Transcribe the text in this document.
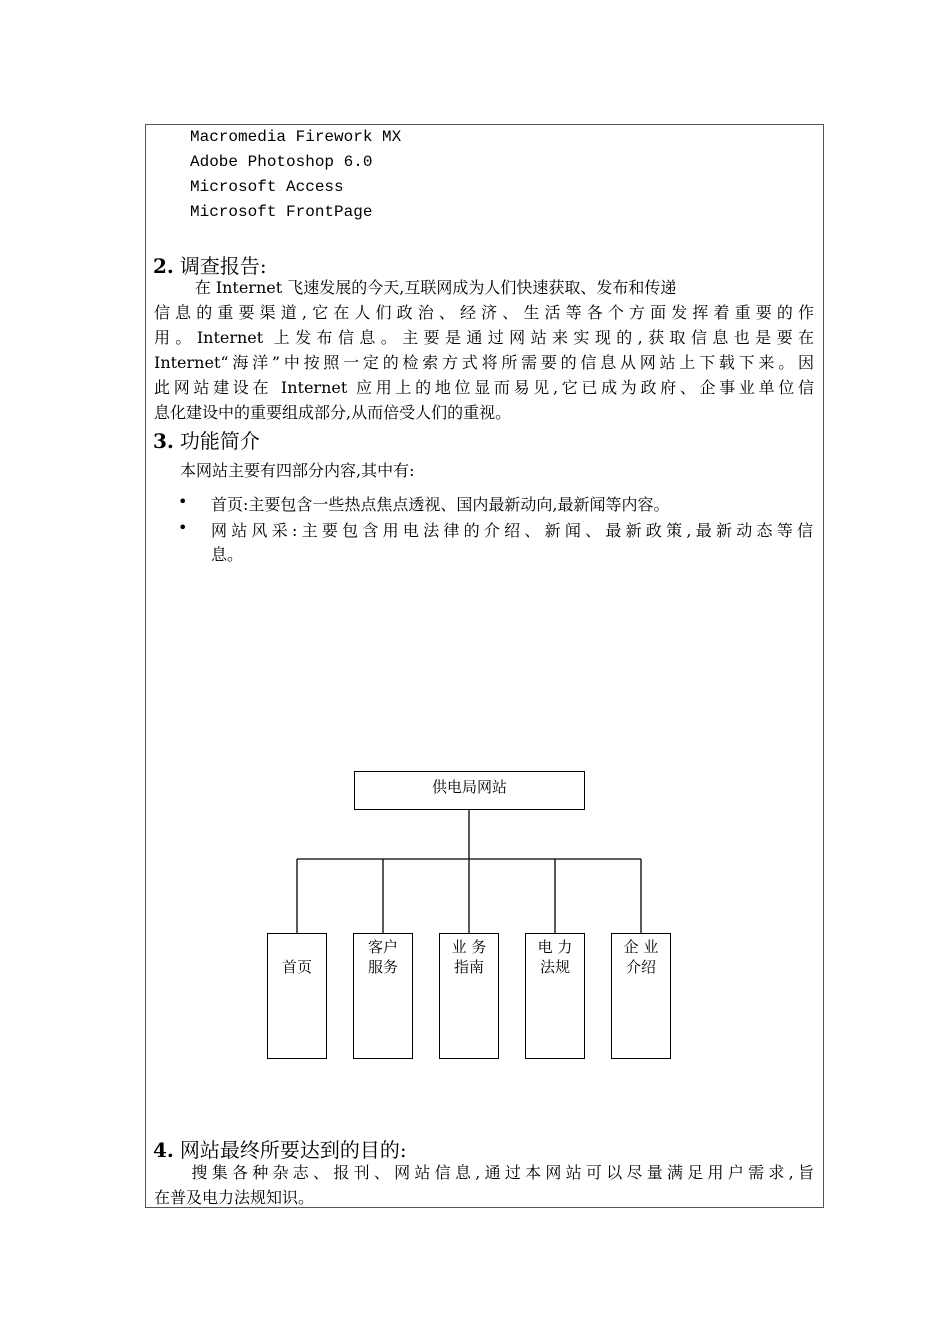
Macromedia Firework MX
Adobe Photoshop 6.0
Microsoft Access
Microsoft FrontPage
2. 调查报告:
在 Internet 飞速发展的今天,互联网成为人们快速获取、发布和传递
信息的重要渠道,它在人们政治、经济、生活等各个方面发挥着重要的作
用。Internet 上发布信息。主要是通过网站来实现的,获取信息也是要在
Internet“海洋”中按照一定的检索方式将所需要的信息从网站上下载下来。因
此网站建设在 Internet 应用上的地位显而易见,它已成为政府、企事业单位信
息化建设中的重要组成部分,从而倍受人们的重视。
3. 功能简介
本网站主要有四部分内容,其中有:
• 首页:主要包含一些热点焦点透视、国内最新动向,最新闻等内容。
• 网站风采:主要包含用电法律的介绍、新闻、最新政策,最新动态等信
息。
供电局网站
首页
客户
服务
业 务
指南
电 力
法规
企 业
介绍
4. 网站最终所要达到的目的:
搜集各种杂志、报刊、网站信息,通过本网站可以尽量满足用户需求,旨
在普及电力法规知识。
